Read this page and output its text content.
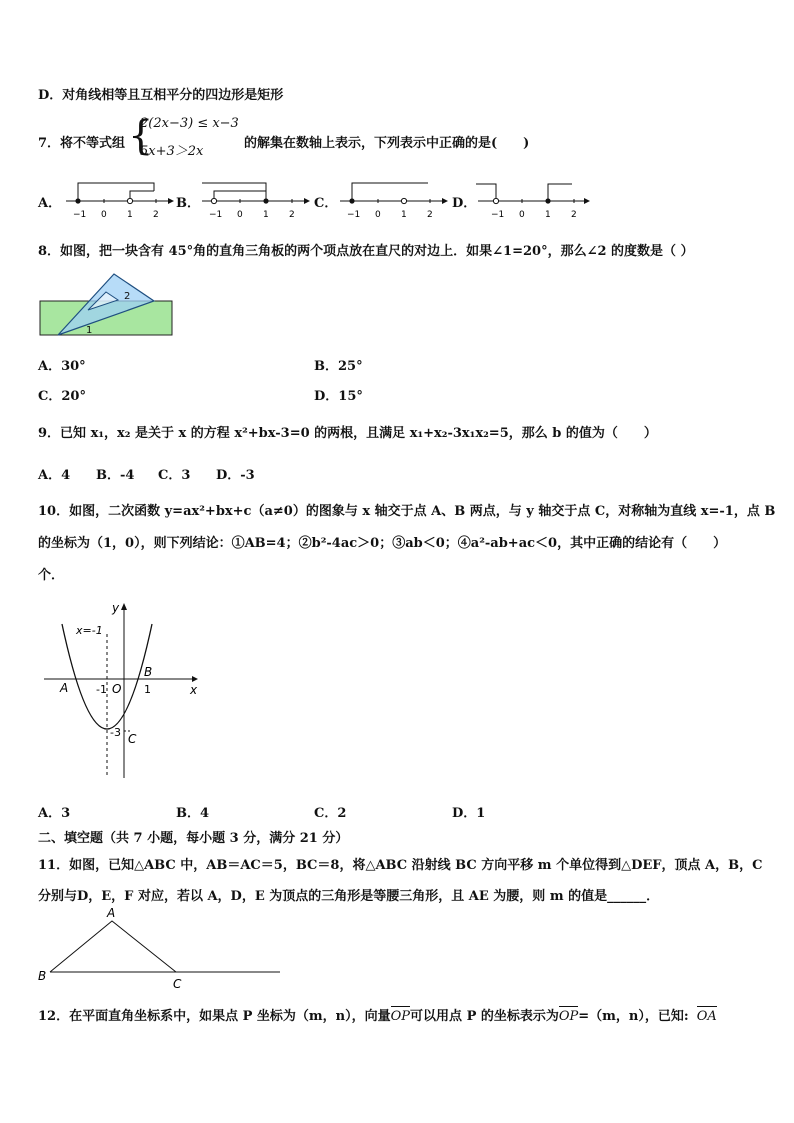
D．对角线相等且互相平分的四边形是矩形
7．将不等式组 {
2(2x−3) ≤ x−3
5x+3＞2x
的解集在数轴上表示，下列表示中正确的是(　　)
A．
−1 0 1 2
B．
−1 0 1 2
C．
−1 0 1 2
D．
−1 0 1 2
8．如图，把一块含有 45°角的直角三角板的两个项点放在直尺的对边上．如果∠1=20°，那么∠2 的度数是（ ）
2
1
A．30°	B．25°
C．20°	D．15°
9．已知 x₁，x₂ 是关于 x 的方程 x²+bx-3=0 的两根，且满足 x₁+x₂-3x₁x₂=5，那么 b 的值为（　　）
A．4 B．-4 C．3 D．-3
10．如图，二次函数 y=ax²+bx+c（a≠0）的图象与 x 轴交于点 A、B 两点，与 y 轴交于点 C，对称轴为直线 x=-1，点 B
的坐标为（1，0），则下列结论：①AB=4；②b²-4ac＞0；③ab＜0；④a²-ab+ac＜0，其中正确的结论有（　　）
个．
x=-1
y
x
A
B
C
O
-1	1
-3
A．3	B．4	C．2	D．1
二、填空题（共 7 小题，每小题 3 分，满分 21 分）
11．如图，已知△ABC 中，AB＝AC＝5，BC＝8，将△ABC 沿射线 BC 方向平移 m 个单位得到△DEF，顶点 A，B，C
分别与D，E，F 对应，若以 A，D，E 为顶点的三角形是等腰三角形，且 AE 为腰，则 m 的值是______．
A
B
C
12．在平面直角坐标系中，如果点 P 坐标为（m，n），向量OP可以用点 P 的坐标表示为OP=（m，n），已知: OA
